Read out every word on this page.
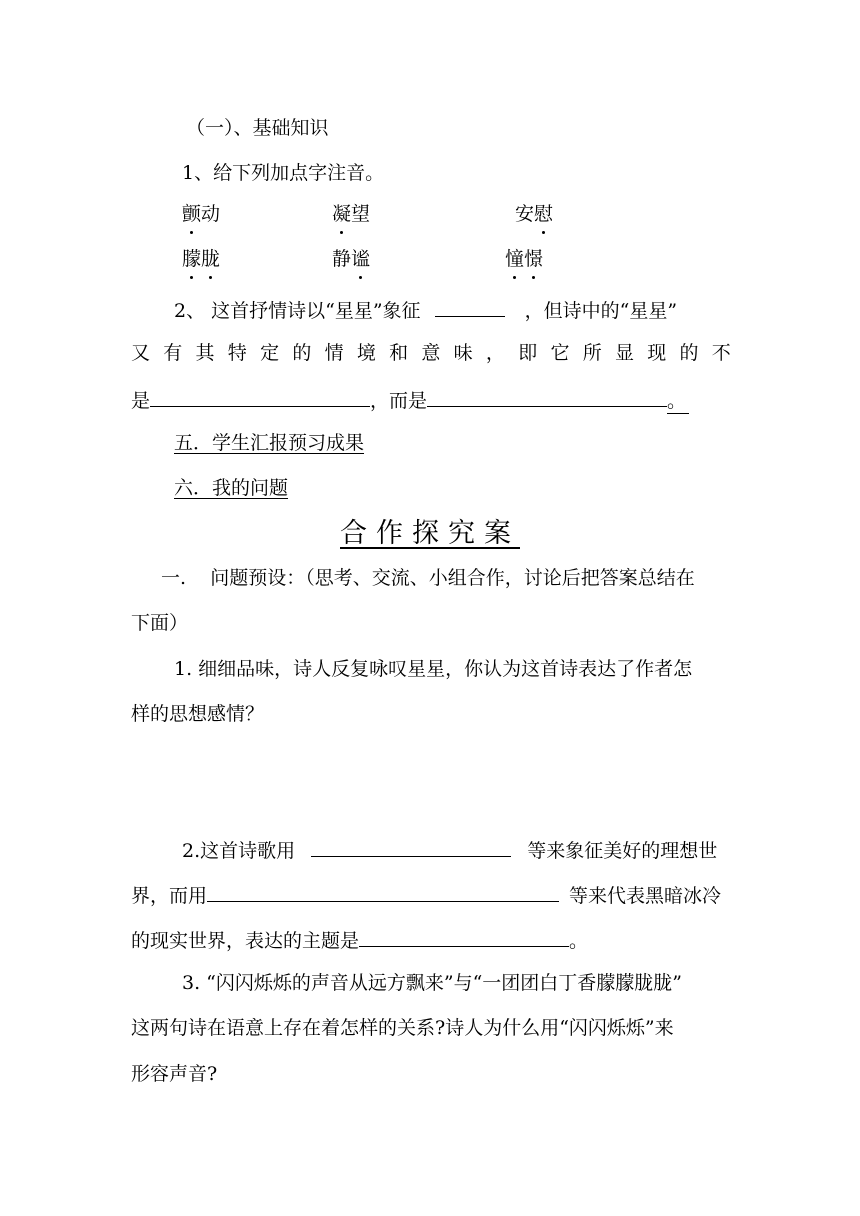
（一）、基础知识
1、给下列加点字注音。
颤动	凝望	安慰
朦胧	静谧	憧憬
2、 这首抒情诗以“星星”象征	，但诗中的“星星”
又 有 其 特 定 的 情 境 和 意 味 ， 即 它 所 显 现 的 不
是	，而是	。
五．学生汇报预习成果
六．我的问题
合作探究案
一.    问题预设：（思考、交流、小组合作，讨论后把答案总结在
下面）
1. 细细品味，诗人反复咏叹星星，你认为这首诗表达了作者怎
样的思想感情？
2.这首诗歌用	等来象征美好的理想世
界，而用	等来代表黑暗冰冷
的现实世界，表达的主题是	。
3. “闪闪烁烁的声音从远方飘来”与“一团团白丁香朦朦胧胧”
这两句诗在语意上存在着怎样的关系?诗人为什么用“闪闪烁烁”来
形容声音?
